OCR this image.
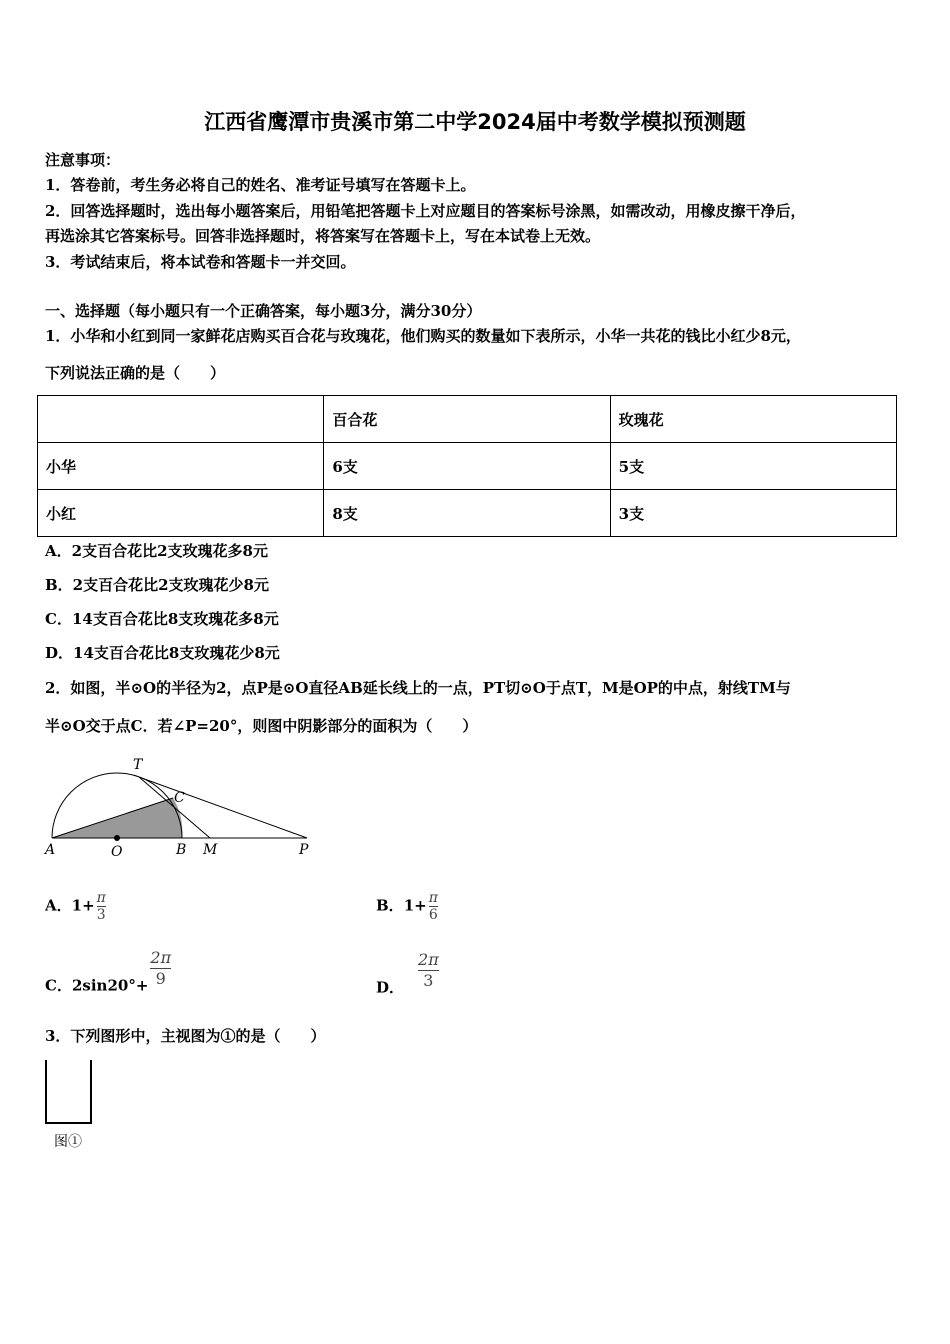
江西省鹰潭市贵溪市第二中学2024届中考数学模拟预测题
注意事项：
1．答卷前，考生务必将自己的姓名、准考证号填写在答题卡上。
2．回答选择题时，选出每小题答案后，用铅笔把答题卡上对应题目的答案标号涂黑，如需改动，用橡皮擦干净后，
再选涂其它答案标号。回答非选择题时，将答案写在答题卡上，写在本试卷上无效。
3．考试结束后，将本试卷和答题卡一并交回。
一、选择题（每小题只有一个正确答案，每小题3分，满分30分）
1．小华和小红到同一家鲜花店购买百合花与玫瑰花，他们购买的数量如下表所示，小华一共花的钱比小红少8元，
下列说法正确的是（　　）
	百合花	玫瑰花
小华	6支	5支
小红	8支	3支
A．2支百合花比2支玫瑰花多8元
B．2支百合花比2支玫瑰花少8元
C．14支百合花比8支玫瑰花多8元
D．14支百合花比8支玫瑰花少8元
2．如图，半⊙O的半径为2，点P是⊙O直径AB延长线上的一点，PT切⊙O于点T，M是OP的中点，射线TM与
半⊙O交于点C．若∠P=20°，则图中阴影部分的面积为（　　）
A	O	B M	P
T
C
A．$1+ \frac{\pi}{3}$	B．$1+ \frac{\pi}{6}$
C．$2\sin 20^\circ+ \frac{2\pi}{9}$	D． $\frac{2\pi}{3}$
3．下列图形中，主视图为①的是（　　）
图①
